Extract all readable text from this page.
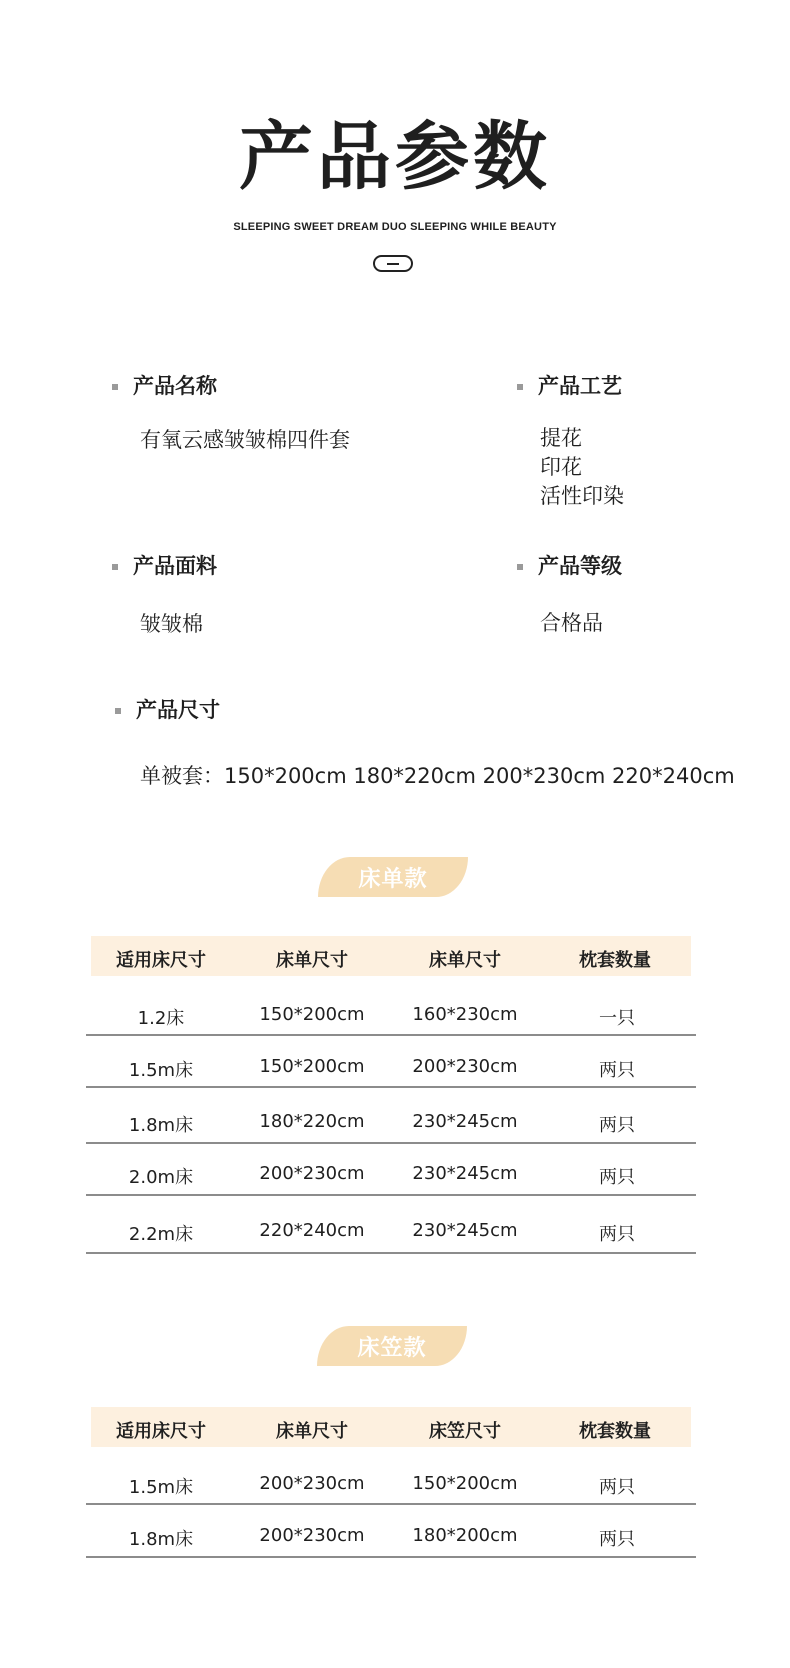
产品参数
SLEEPING SWEET DREAM DUO SLEEPING WHILE BEAUTY
产品名称
有氧云感皱皱棉四件套
产品工艺
提花
印花
活性印染
产品面料
皱皱棉
产品等级
合格品
产品尺寸
单被套：150*200cm 180*220cm 200*230cm 220*240cm
床单款
适用床尺寸	床单尺寸	床单尺寸	枕套数量
1.2床	150*200cm	160*230cm	一只
1.5m床	150*200cm	200*230cm	两只
1.8m床	180*220cm	230*245cm	两只
2.0m床	200*230cm	230*245cm	两只
2.2m床	220*240cm	230*245cm	两只
床笠款
适用床尺寸	床单尺寸	床笠尺寸	枕套数量
1.5m床	200*230cm	150*200cm	两只
1.8m床	200*230cm	180*200cm	两只
